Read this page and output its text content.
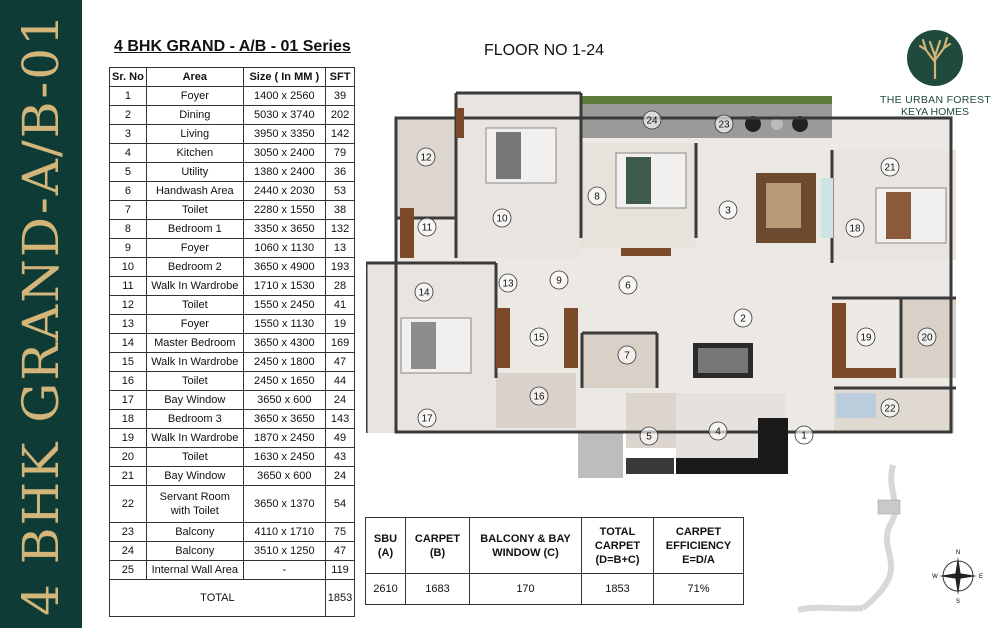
4 BHK GRAND-A/B-01	4 BHK GRAND - A/B - 01 Series
Sr. No	Area	Size ( In MM )	SFT
1	Foyer	1400 x 2560	39
2	Dining	5030 x 3740	202
3	Living	3950 x 3350	142
4	Kitchen	3050 x 2400	79
5	Utility	1380 x 2400	36
6	Handwash Area	2440 x 2030	53
7	Toilet	2280 x 1550	38
8	Bedroom 1	3350 x 3650	132
9	Foyer	1060 x 1130	13
10	Bedroom 2	3650 x 4900	193
11	Walk In Wardrobe	1710 x 1530	28
12	Toilet	1550 x 2450	41
13	Foyer	1550 x 1130	19
14	Master Bedroom	3650 x 4300	169
15	Walk In Wardrobe	2450 x 1800	47
16	Toilet	2450 x 1650	44
17	Bay Window	3650 x 600	24
18	Bedroom 3	3650 x 3650	143
19	Walk In Wardrobe	1870 x 2450	49
20	Toilet	1630 x 2450	43
21	Bay Window	3650 x 600	24
22	Servant Room with Toilet	3650 x 1370	54
23	Balcony	4110 x 1710	75
24	Balcony	3510 x 1250	47
25	Internal Wall Area	-	119
TOTAL			1853
FLOOR NO 1-24
THE URBAN FOREST
KEYA HOMES
1
2
3
4
5
6
7
8
9
10
11
12
13
14
15
16
17
18
19	20
21
22
23
24
SBU (A)	CARPET (B)	BALCONY & BAY WINDOW (C)	TOTAL CARPET (D=B+C)	CARPET EFFICIENCY E=D/A
2610	1683	170	1853	71%
N
S
E
W
